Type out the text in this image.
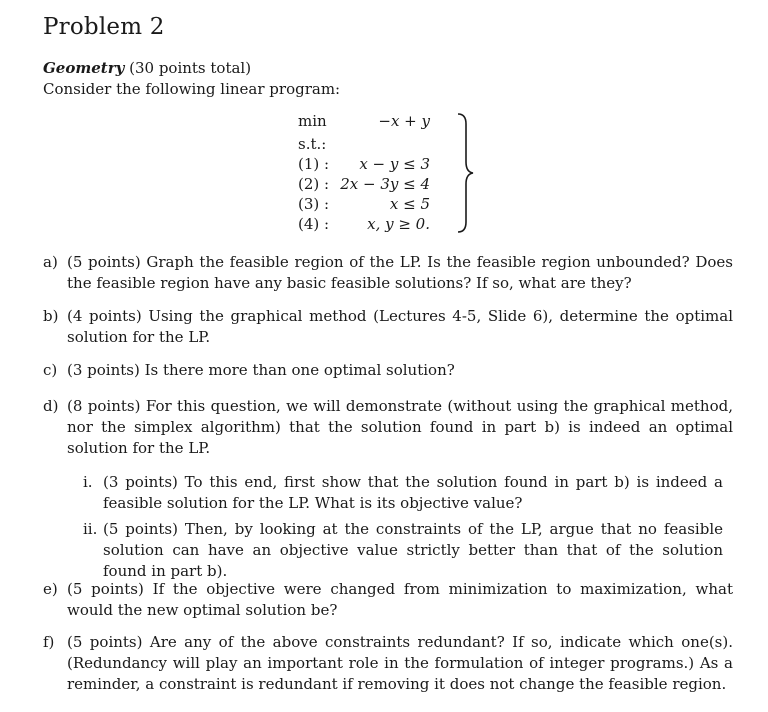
Problem 2
Geometry (30 points total)
Consider the following linear program:
min	−x + y
s.t.:
(1) : x − y ≤ 3
(2) : 2x − 3y ≤ 4
(3) :	x ≤ 5
(4) :	x, y ≥ 0.
a) (5 points) Graph the feasible region of the LP. Is the feasible region unbounded? Does the feasible region have any basic feasible solutions? If so, what are they?
b) (4 points) Using the graphical method (Lectures 4-5, Slide 6), determine the optimal solution for the LP.
c) (3 points) Is there more than one optimal solution?
d) (8 points) For this question, we will demonstrate (without using the graphical method, nor the simplex algorithm) that the solution found in part b) is indeed an optimal solution for the LP.
i. (3 points) To this end, first show that the solution found in part b) is indeed a feasible solution for the LP. What is its objective value?
ii. (5 points) Then, by looking at the constraints of the LP, argue that no feasible solution can have an objective value strictly better than that of the solution found in part b).
e) (5 points) If the objective were changed from minimization to maximization, what would the new optimal solution be?
f) (5 points) Are any of the above constraints redundant? If so, indicate which one(s). (Redundancy will play an important role in the formulation of integer programs.) As a reminder, a constraint is redundant if removing it does not change the feasible region.
